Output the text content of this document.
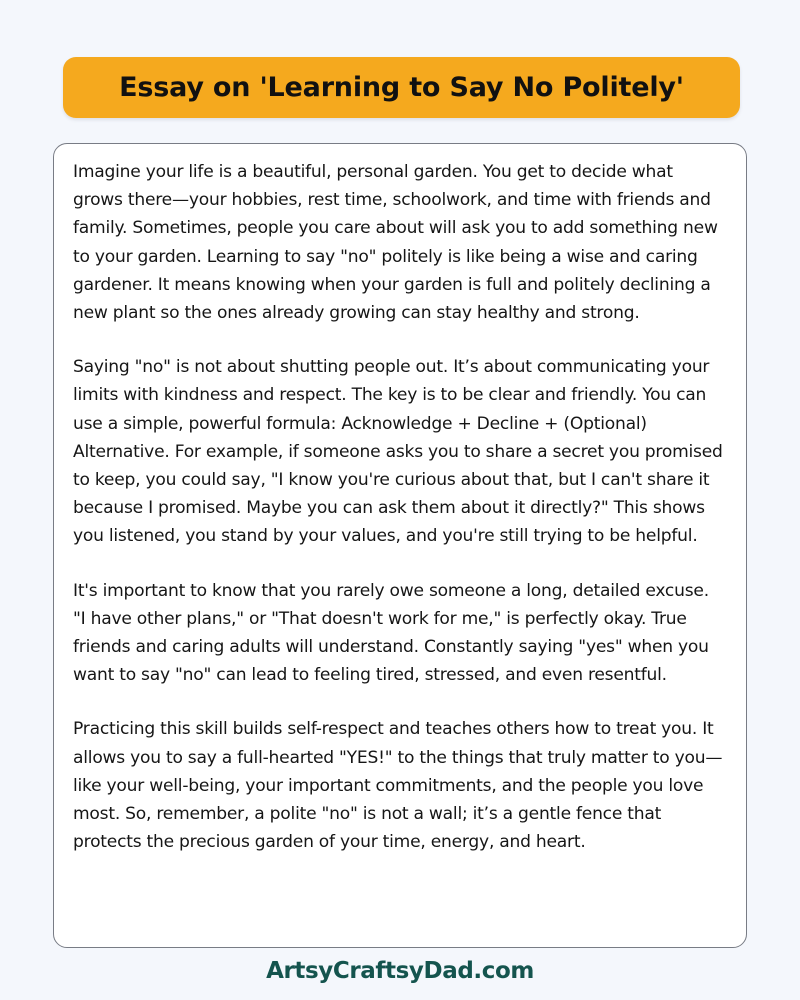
Essay on 'Learning to Say No Politely'

Imagine your life is a beautiful, personal garden. You get to decide what grows there—your hobbies, rest time, schoolwork, and time with friends and family. Sometimes, people you care about will ask you to add something new to your garden. Learning to say "no" politely is like being a wise and caring gardener. It means knowing when your garden is full and politely declining a new plant so the ones already growing can stay healthy and strong.

Saying "no" is not about shutting people out. It’s about communicating your limits with kindness and respect. The key is to be clear and friendly. You can use a simple, powerful formula: Acknowledge + Decline + (Optional) Alternative. For example, if someone asks you to share a secret you promised to keep, you could say, "I know you're curious about that, but I can't share it because I promised. Maybe you can ask them about it directly?" This shows you listened, you stand by your values, and you're still trying to be helpful.

It's important to know that you rarely owe someone a long, detailed excuse. "I have other plans," or "That doesn't work for me," is perfectly okay. True friends and caring adults will understand. Constantly saying "yes" when you want to say "no" can lead to feeling tired, stressed, and even resentful.

Practicing this skill builds self-respect and teaches others how to treat you. It allows you to say a full-hearted "YES!" to the things that truly matter to you—like your well-being, your important commitments, and the people you love most. So, remember, a polite "no" is not a wall; it’s a gentle fence that protects the precious garden of your time, energy, and heart.

ArtsyCraftsyDad.com
